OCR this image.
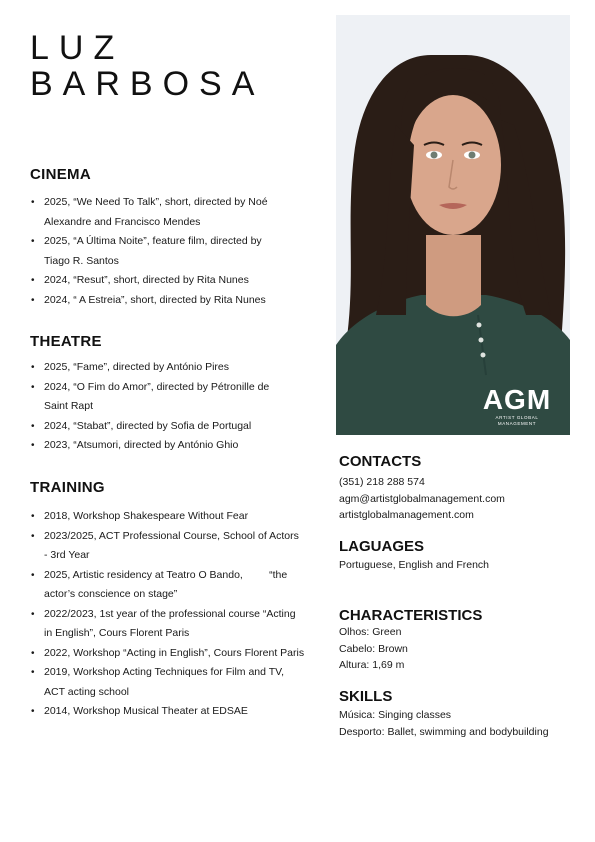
LUZ
BARBOSA
CINEMA
• 2025, “We Need To Talk”, short, directed by Noé Alexandre and Francisco Mendes
• 2025, “A Última Noite”, feature film, directed by Tiago R. Santos
• 2024, “Resut”, short, directed by Rita Nunes
• 2024, “ A Estreia”, short, directed by Rita Nunes
THEATRE
• 2025, “Fame”, directed by António Pires
• 2024, “O Fim do Amor”, directed by Pétronille de Saint Rapt
• 2024, “Stabat”, directed by Sofia de Portugal
• 2023, “Atsumori, directed by António Ghio
TRAINING
• 2018, Workshop Shakespeare Without Fear
• 2023/2025, ACT Professional Course, School of Actors - 3rd Year
• 2025, Artistic residency at Teatro O Bando,         “the actor’s conscience on stage”
• 2022/2023, 1st year of the professional course “Acting in English”, Cours Florent Paris
• 2022, Workshop “Acting in English”, Cours Florent Paris
• 2019, Workshop Acting Techniques for Film and TV, ACT acting school
• 2014, Workshop Musical Theater at EDSAE
AGM
ARTIST GLOBAL MANAGEMENT
CONTACTS
(351) 218 288 574
agm@artistglobalmanagement.com
artistglobalmanagement.com
LAGUAGES
Portuguese, English and French
CHARACTERISTICS
Olhos: Green
Cabelo: Brown
Altura: 1,69 m
SKILLS
Música: Singing classes
Desporto: Ballet, swimming and bodybuilding
